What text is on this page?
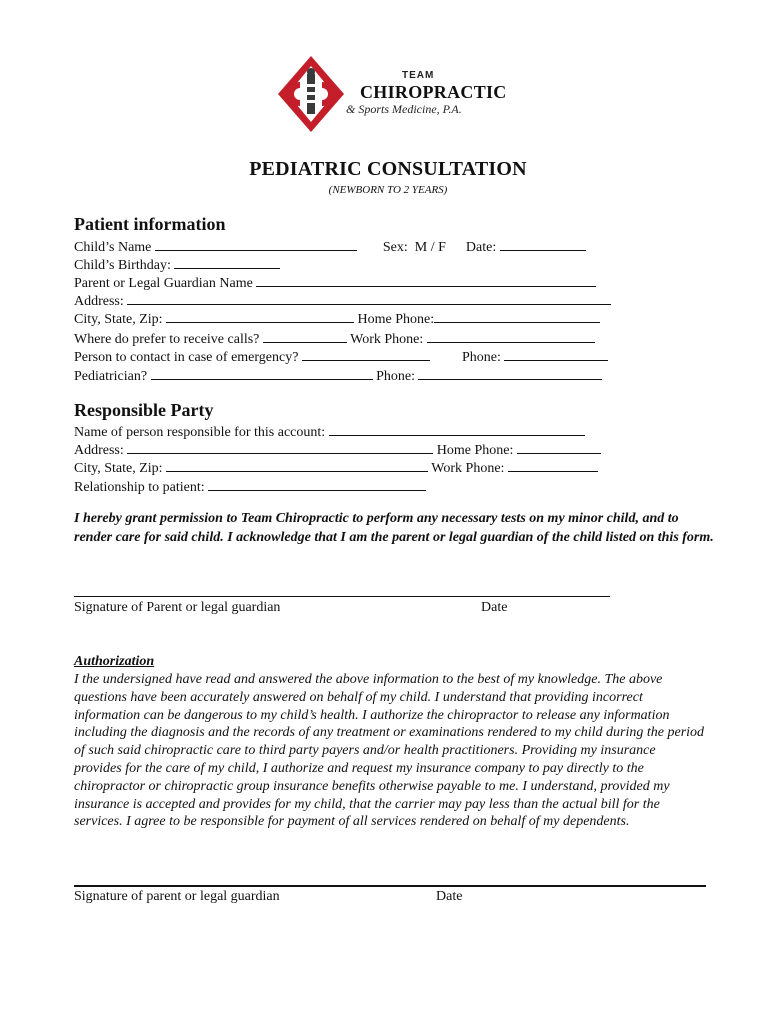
TEAM
CHIROPRACTIC
& Sports Medicine, P.A.
PEDIATRIC CONSULTATION
(NEWBORN TO 2 YEARS)
Patient information
Child’s Name	Sex:  M / F Date:
Child’s Birthday:
Parent or Legal Guardian Name
Address:
City, State, Zip:	Home Phone:
Where do prefer to receive calls?	Work Phone:
Person to contact in case of emergency?	Phone:
Pediatrician?	Phone:
Responsible Party
Name of person responsible for this account:
Address:	Home Phone:
City, State, Zip:	Work Phone:
Relationship to patient:
I hereby grant permission to Team Chiropractic to perform any necessary tests on my minor child, and to render care for said child. I acknowledge that I am the parent or legal guardian of the child listed on this form.
Signature of Parent or legal guardian	Date
Authorization
I the undersigned have read and answered the above information to the best of my knowledge. The above questions have been accurately answered on behalf of my child. I understand that providing incorrect information can be dangerous to my child’s health. I authorize the chiropractor to release any information including the diagnosis and the records of any treatment or examinations rendered to my child during the period of such said chiropractic care to third party payers and/or health practitioners. Providing my insurance provides for the care of my child, I authorize and request my insurance company to pay directly to the chiropractor or chiropractic group insurance benefits otherwise payable to me. I understand, provided my insurance is accepted and provides for my child, that the carrier may pay less than the actual bill for the services. I agree to be responsible for payment of all services rendered on behalf of my dependents.
Signature of parent or legal guardian	Date
